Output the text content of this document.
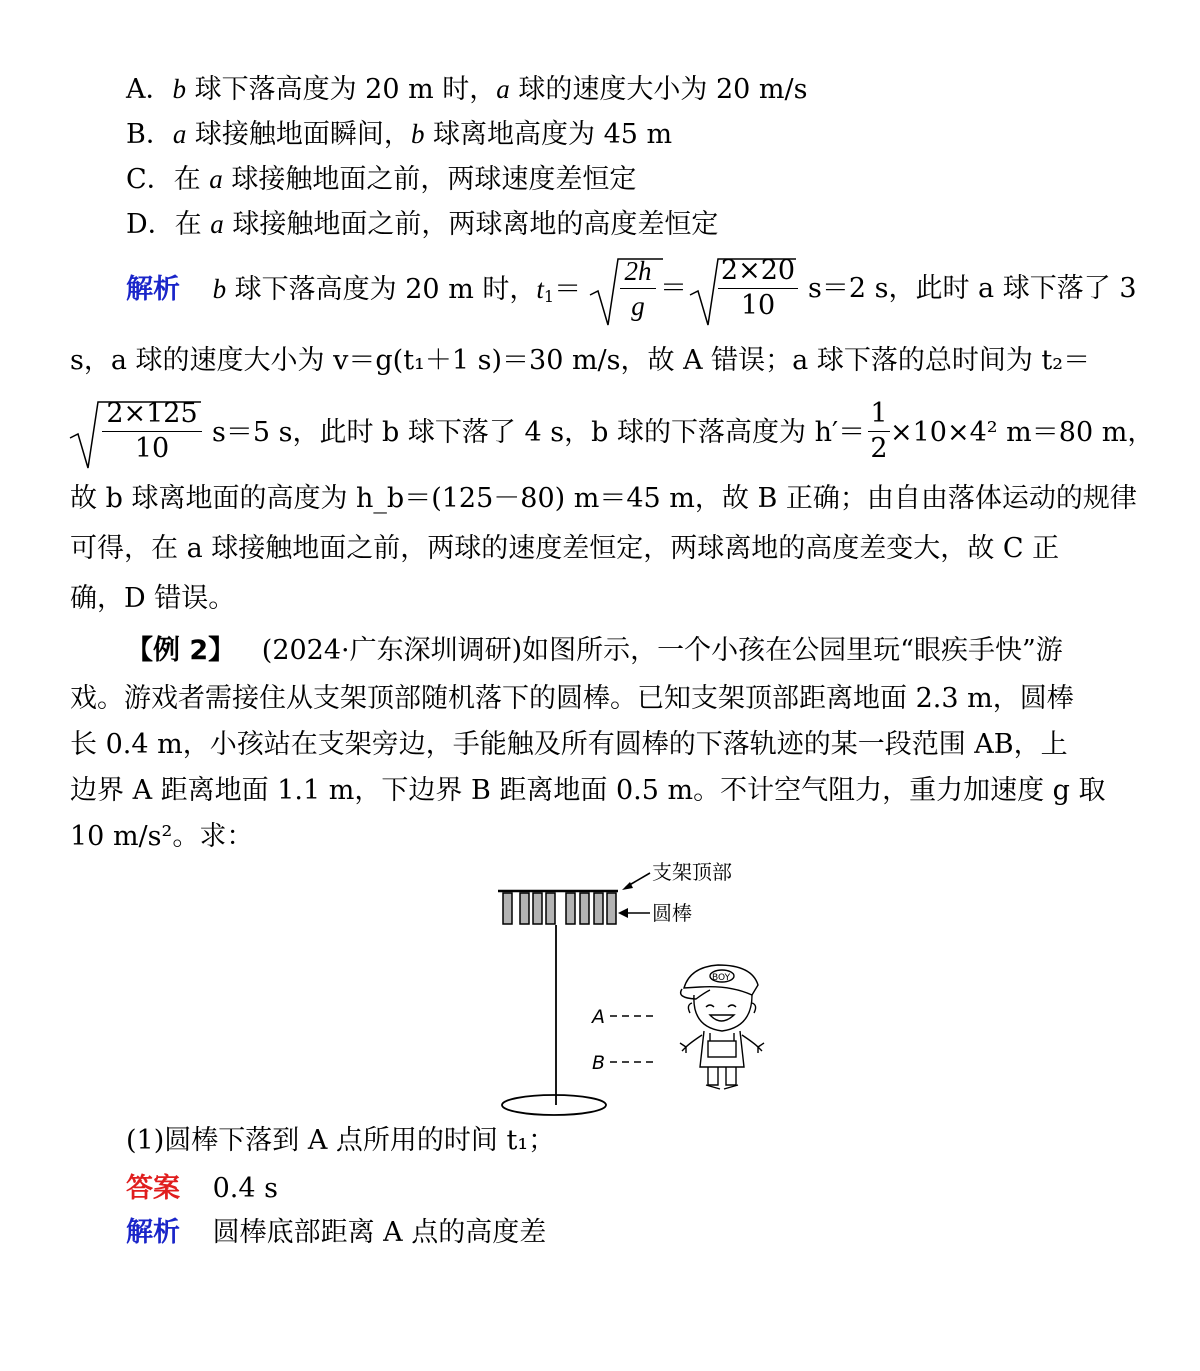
A．b 球下落高度为 20 m 时，a 球的速度大小为 20 m/s
B．a 球接触地面瞬间，b 球离地高度为 45 m
C．在 a 球接触地面之前，两球速度差恒定
D．在 a 球接触地面之前，两球离地的高度差恒定
解析 b 球下落高度为 20 m 时，$t_1=$
2h
g
＝
2×20
10
s＝2 s，此时 a 球下落了 3
s，a 球的速度大小为 v＝g(t₁＋1 s)＝30 m/s，故 A 错误；a 球下落的总时间为 t₂＝
2×125
10
s＝5 s，此时 b 球下落了 4 s，b 球的下落高度为 h′＝
1
2
×10×4² m＝80 m，
故 b 球离地面的高度为 h_b＝(125－80) m＝45 m，故 B 正确；由自由落体运动的规律
可得，在 a 球接触地面之前，两球的速度差恒定，两球离地的高度差变大，故 C 正
确，D 错误。
【例 2】 (2024·广东深圳调研)如图所示，一个小孩在公园里玩“眼疾手快”游
戏。游戏者需接住从支架顶部随机落下的圆棒。已知支架顶部距离地面 2.3 m，圆棒
长 0.4 m，小孩站在支架旁边，手能触及所有圆棒的下落轨迹的某一段范围 AB，上
边界 A 距离地面 1.1 m，下边界 B 距离地面 0.5 m。不计空气阻力，重力加速度 g 取
10 m/s²。求：
支架顶部
圆棒
A
B
BOY
(1)圆棒下落到 A 点所用的时间 t₁；
答案 0.4 s
解析 圆棒底部距离 A 点的高度差
